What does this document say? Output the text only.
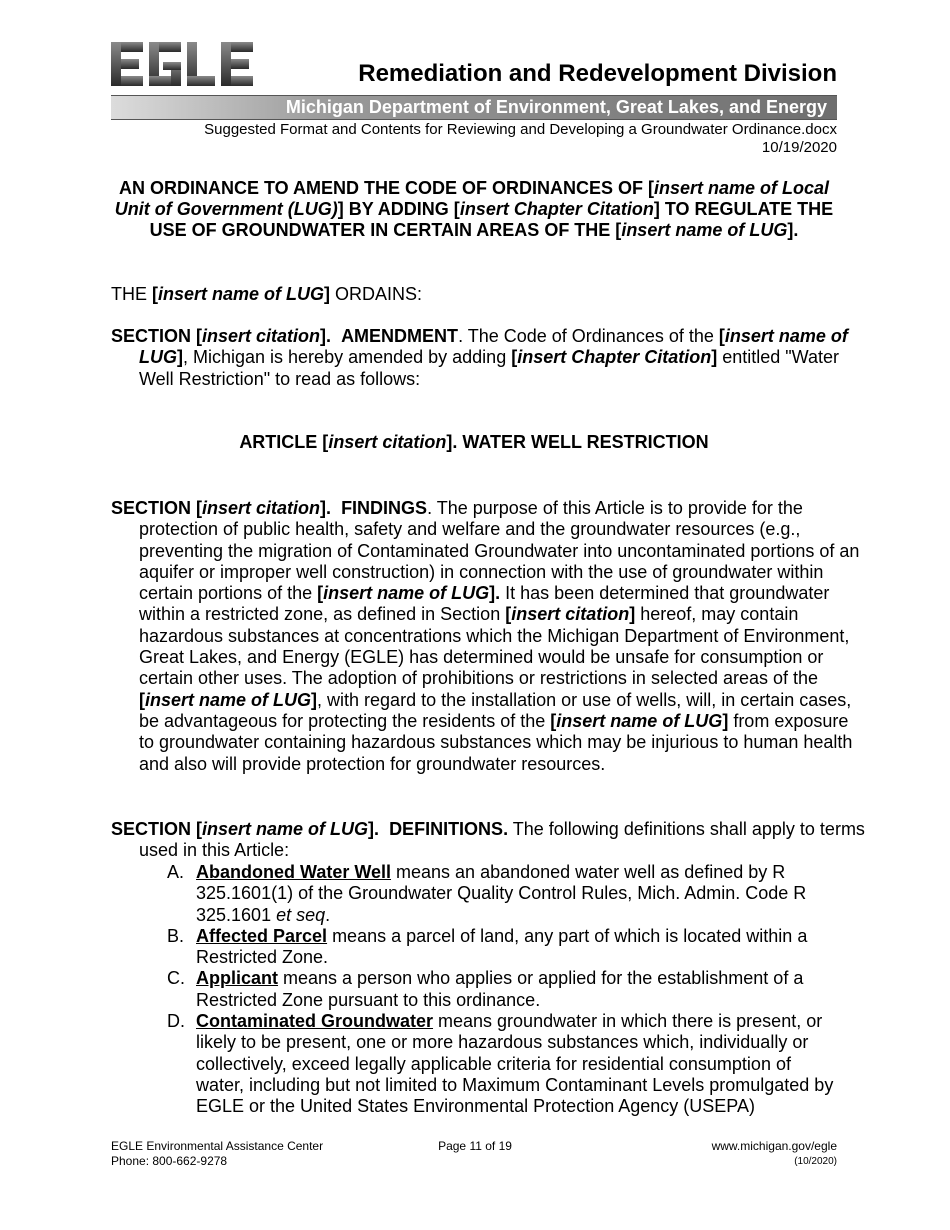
Remediation and Redevelopment Division
Michigan Department of Environment, Great Lakes, and Energy
Suggested Format and Contents for Reviewing and Developing a Groundwater Ordinance.docx
10/19/2020
AN ORDINANCE TO AMEND THE CODE OF ORDINANCES OF [insert name of Local Unit of Government (LUG)] BY ADDING [insert Chapter Citation] TO REGULATE THE USE OF GROUNDWATER IN CERTAIN AREAS OF THE [insert name of LUG].
THE [insert name of LUG] ORDAINS:
SECTION [insert citation]. AMENDMENT. The Code of Ordinances of the [insert name of LUG], Michigan is hereby amended by adding [insert Chapter Citation] entitled "Water Well Restriction" to read as follows:
ARTICLE [insert citation]. WATER WELL RESTRICTION
SECTION [insert citation]. FINDINGS. The purpose of this Article is to provide for the protection of public health, safety and welfare and the groundwater resources (e.g., preventing the migration of Contaminated Groundwater into uncontaminated portions of an aquifer or improper well construction) in connection with the use of groundwater within certain portions of the [insert name of LUG]. It has been determined that groundwater within a restricted zone, as defined in Section [insert citation] hereof, may contain hazardous substances at concentrations which the Michigan Department of Environment, Great Lakes, and Energy (EGLE) has determined would be unsafe for consumption or certain other uses. The adoption of prohibitions or restrictions in selected areas of the [insert name of LUG], with regard to the installation or use of wells, will, in certain cases, be advantageous for protecting the residents of the [insert name of LUG] from exposure to groundwater containing hazardous substances which may be injurious to human health and also will provide protection for groundwater resources.
SECTION [insert name of LUG]. DEFINITIONS. The following definitions shall apply to terms used in this Article:
A. Abandoned Water Well means an abandoned water well as defined by R 325.1601(1) of the Groundwater Quality Control Rules, Mich. Admin. Code R 325.1601 et seq.
B. Affected Parcel means a parcel of land, any part of which is located within a Restricted Zone.
C. Applicant means a person who applies or applied for the establishment of a Restricted Zone pursuant to this ordinance.
D. Contaminated Groundwater means groundwater in which there is present, or likely to be present, one or more hazardous substances which, individually or collectively, exceed legally applicable criteria for residential consumption of water, including but not limited to Maximum Contaminant Levels promulgated by EGLE or the United States Environmental Protection Agency (USEPA)
EGLE Environmental Assistance Center
Phone: 800-662-9278
Page 11 of 19	www.michigan.gov/egle
(10/2020)
